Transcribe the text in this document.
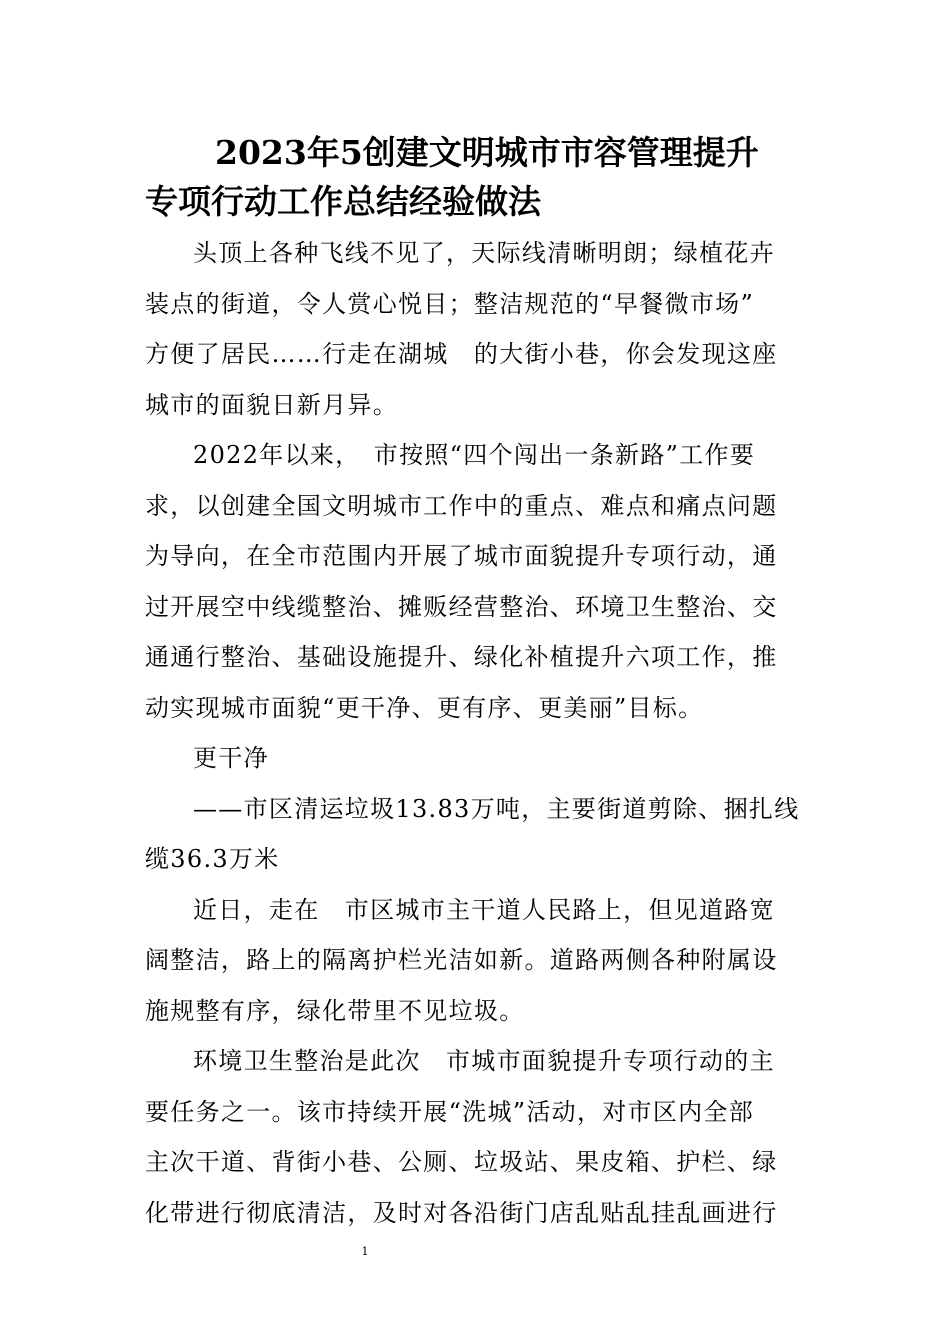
2023年5创建文明城市市容管理提升
专项行动工作总结经验做法
头顶上各种飞线不见了，天际线清晰明朗；绿植花卉
装点的街道，令人赏心悦目；整洁规范的“早餐微市场”
方便了居民……行走在湖城　的大街小巷，你会发现这座
城市的面貌日新月异。
2022年以来，　市按照“四个闯出一条新路”工作要
求，以创建全国文明城市工作中的重点、难点和痛点问题
为导向，在全市范围内开展了城市面貌提升专项行动，通
过开展空中线缆整治、摊贩经营整治、环境卫生整治、交
通通行整治、基础设施提升、绿化补植提升六项工作，推
动实现城市面貌“更干净、更有序、更美丽”目标。
更干净
——市区清运垃圾13.83万吨，主要街道剪除、捆扎线
缆36.3万米
近日，走在　市区城市主干道人民路上，但见道路宽
阔整洁，路上的隔离护栏光洁如新。道路两侧各种附属设
施规整有序，绿化带里不见垃圾。
环境卫生整治是此次　市城市面貌提升专项行动的主
要任务之一。该市持续开展“洗城”活动，对市区内全部
主次干道、背街小巷、公厕、垃圾站、果皮箱、护栏、绿
化带进行彻底清洁，及时对各沿街门店乱贴乱挂乱画进行
1
